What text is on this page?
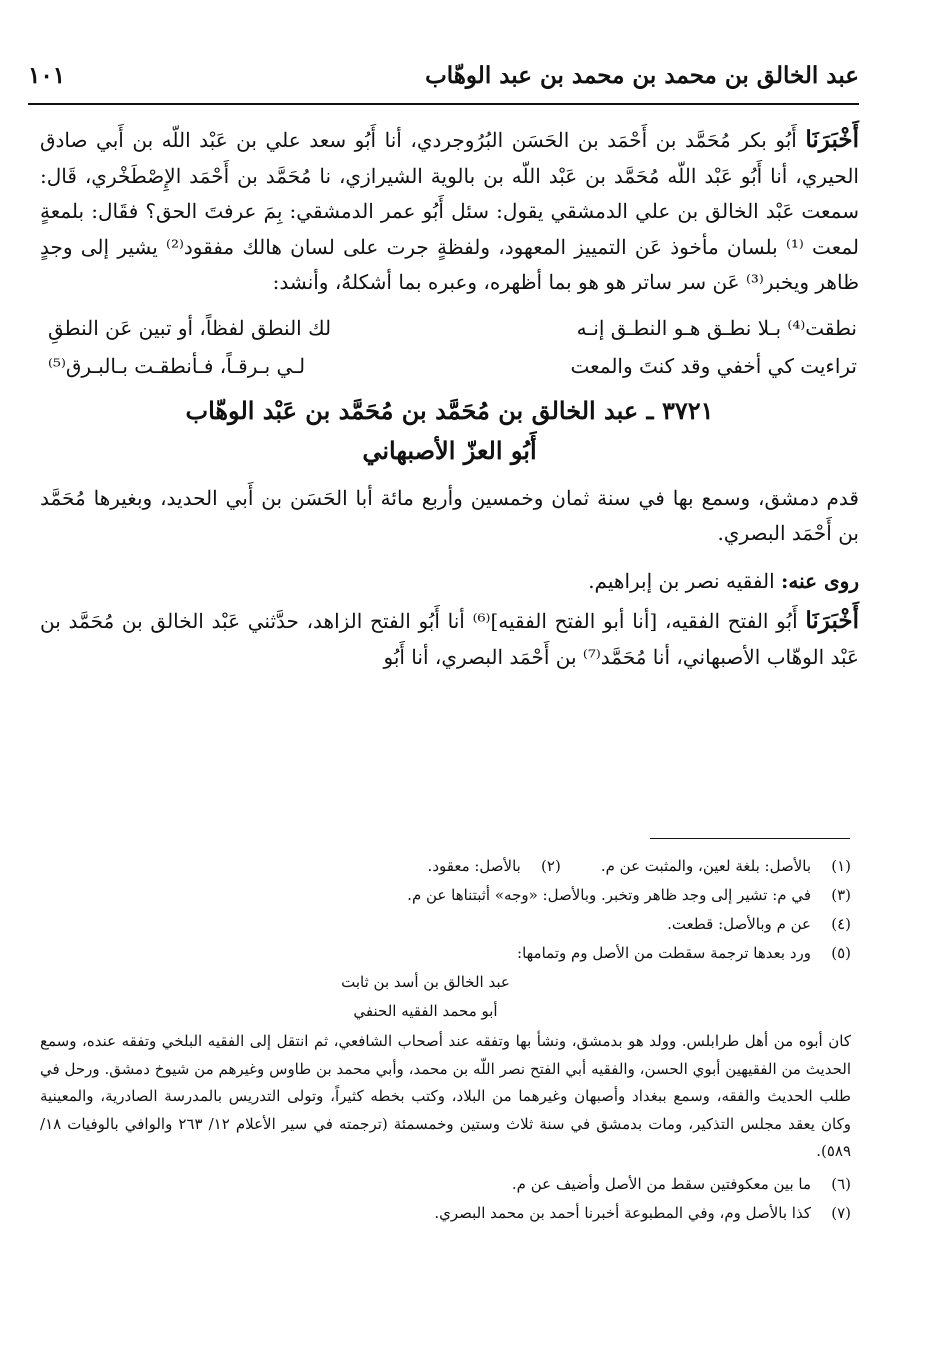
عبد الخالق بن محمد بن محمد بن عبد الوهّاب
١٠١

أَخْبَرَنَا أَبُو بكر مُحَمَّد بن أَحْمَد بن الحَسَن البُرُوجردي، أنا أَبُو سعد علي بن عَبْد اللّه بن أَبي صادق الحيري، أنا أَبُو عَبْد اللّه مُحَمَّد بن عَبْد اللّه بن بالوية الشيرازي، نا مُحَمَّد بن أَحْمَد الإِصْطَخْري، قَال: سمعت عَبْد الخالق بن علي الدمشقي يقول: سئل أَبُو عمر الدمشقي: بِمَ عرفتَ الحق؟ فقَال: بلمعةٍ لمعت ⁽¹⁾ بلسان مأخوذ عَن التمييز المعهود، ولفظةٍ جرت على لسان هالك مفقود⁽²⁾ يشير إلى وجدٍ ظاهر ويخبر⁽³⁾ عَن سر ساتر هو هو بما أظهره، وعبره بما أشكلهُ، وأنشد:

نطقت⁽⁴⁾ بـلا نطـق هـو النطـق إنـه
لك النطق لفظاً، أو تبين عَن النطقِ
تراءيت كي أخفي وقد كنتَ والمعت
لـي بـرقـاً، فـأنطقـت بـالبـرق⁽⁵⁾
٣٧٢١ ـ عبد الخالق بن مُحَمَّد بن مُحَمَّد بن عَبْد الوهّاب
أَبُو العزّ الأصبهاني

قدم دمشق، وسمع بها في سنة ثمان وخمسين وأربع مائة أبا الحَسَن بن أَبي الحديد، وبغيرها مُحَمَّد بن أَحْمَد البصري.

روى عنه: الفقيه نصر بن إبراهيم.

أَخْبَرَنَا أَبُو الفتح الفقيه، [أنا أبو الفتح الفقيه]⁽⁶⁾ أنا أَبُو الفتح الزاهد، حدَّثني عَبْد الخالق بن مُحَمَّد بن عَبْد الوهّاب الأصبهاني، أنا مُحَمَّد⁽⁷⁾ بن أَحْمَد البصري، أنا أَبُو

(١)
بالأصل: بلغة لعين، والمثبت عن م.
(٢)
بالأصل: معقود.
(٣)
في م: تشير إلى وجد ظاهر وتخبر. وبالأصل: «وجه» أثبتناها عن م.
(٤)
عن م وبالأصل: قطعت.
(٥)
ورد بعدها ترجمة سقطت من الأصل وم وتمامها:
عبد الخالق بن أسد بن ثابت
أبو محمد الفقيه الحنفي
كان أبوه من أهل طرابلس. وولد هو بدمشق، ونشأ بها وتفقه عند أصحاب الشافعي، ثم انتقل إلى الفقيه البلخي وتفقه عنده، وسمع الحديث من الفقيهين أبوي الحسن، والفقيه أبي الفتح نصر اللّه بن محمد، وأبي محمد بن طاوس وغيرهم من شيوخ دمشق. ورحل في طلب الحديث والفقه، وسمع ببغداد وأصبهان وغيرهما من البلاد، وكتب بخطه كثيراً، وتولى التدريس بالمدرسة الصادرية، والمعينية وكان يعقد مجلس التذكير، ومات بدمشق في سنة ثلاث وستين وخمسمئة (ترجمته في سير الأعلام ١٢/ ٢٦٣ والوافي بالوفيات ١٨/ ٥٨٩).
(٦)
ما بين معكوفتين سقط من الأصل وأضيف عن م.
(٧)
كذا بالأصل وم، وفي المطبوعة أخبرنا أحمد بن محمد البصري.
